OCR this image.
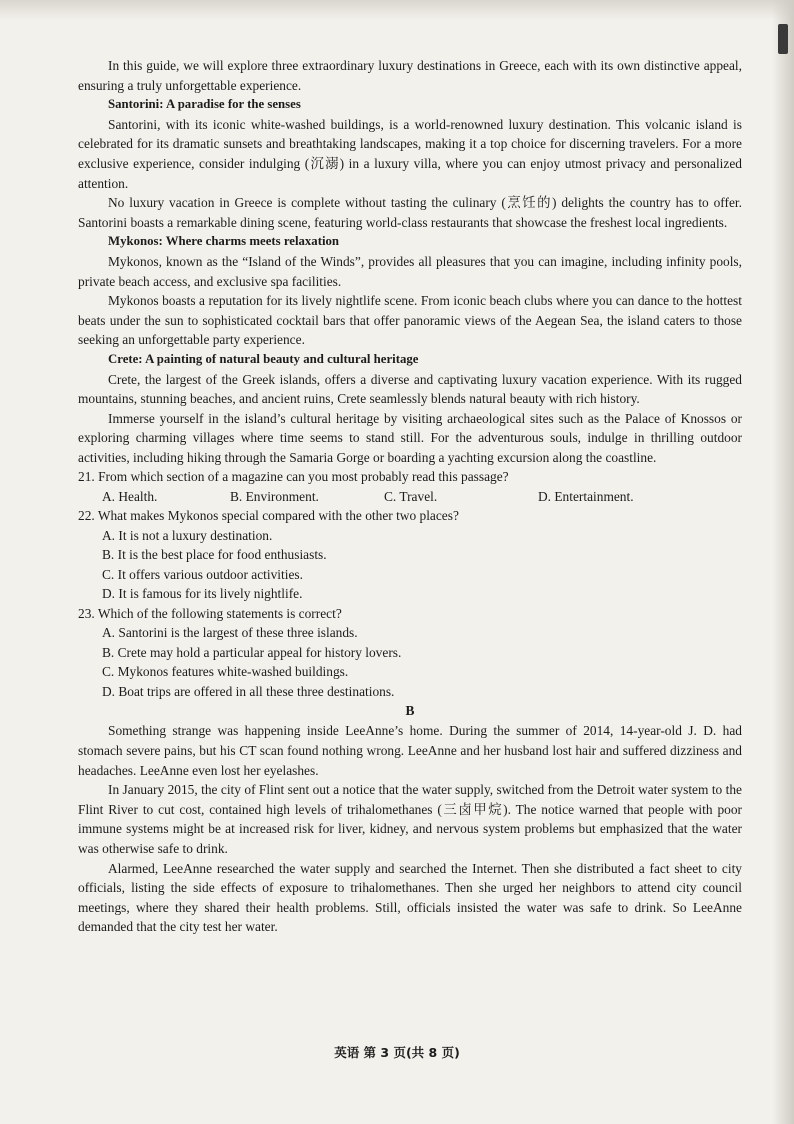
In this guide, we will explore three extraordinary luxury destinations in Greece, each with its own distinctive appeal, ensuring a truly unforgettable experience.

Santorini: A paradise for the senses

Santorini, with its iconic white-washed buildings, is a world-renowned luxury destination. This volcanic island is celebrated for its dramatic sunsets and breathtaking landscapes, making it a top choice for discerning travelers. For a more exclusive experience, consider indulging (沉溺) in a luxury villa, where you can enjoy utmost privacy and personalized attention.

No luxury vacation in Greece is complete without tasting the culinary (烹饪的) delights the country has to offer. Santorini boasts a remarkable dining scene, featuring world-class restaurants that showcase the freshest local ingredients.

Mykonos: Where charms meets relaxation

Mykonos, known as the “Island of the Winds”, provides all pleasures that you can imagine, including infinity pools, private beach access, and exclusive spa facilities.

Mykonos boasts a reputation for its lively nightlife scene. From iconic beach clubs where you can dance to the hottest beats under the sun to sophisticated cocktail bars that offer panoramic views of the Aegean Sea, the island caters to those seeking an unforgettable party experience.

Crete: A painting of natural beauty and cultural heritage

Crete, the largest of the Greek islands, offers a diverse and captivating luxury vacation experience. With its rugged mountains, stunning beaches, and ancient ruins, Crete seamlessly blends natural beauty with rich history.

Immerse yourself in the island’s cultural heritage by visiting archaeological sites such as the Palace of Knossos or exploring charming villages where time seems to stand still. For the adventurous souls, indulge in thrilling outdoor activities, including hiking through the Samaria Gorge or boarding a yachting excursion along the coastline.

21. From which section of a magazine can you most probably read this passage?

A. Health.	B. Environment.	C. Travel.	D. Entertainment.

22. What makes Mykonos special compared with the other two places?

A. It is not a luxury destination.
B. It is the best place for food enthusiasts.
C. It offers various outdoor activities.
D. It is famous for its lively nightlife.

23. Which of the following statements is correct?

A. Santorini is the largest of these three islands.
B. Crete may hold a particular appeal for history lovers.
C. Mykonos features white-washed buildings.
D. Boat trips are offered in all these three destinations.

B

Something strange was happening inside LeeAnne’s home. During the summer of 2014, 14-year-old J. D. had stomach severe pains, but his CT scan found nothing wrong. LeeAnne and her husband lost hair and suffered dizziness and headaches. LeeAnne even lost her eyelashes.

In January 2015, the city of Flint sent out a notice that the water supply, switched from the Detroit water system to the Flint River to cut cost, contained high levels of trihalomethanes (三卤甲烷). The notice warned that people with poor immune systems might be at increased risk for liver, kidney, and nervous system problems but emphasized that the water was otherwise safe to drink.

Alarmed, LeeAnne researched the water supply and searched the Internet. Then she distributed a fact sheet to city officials, listing the side effects of exposure to trihalomethanes. Then she urged her neighbors to attend city council meetings, where they shared their health problems. Still, officials insisted the water was safe to drink. So LeeAnne demanded that the city test her water.

英语 第 3 页(共 8 页)
